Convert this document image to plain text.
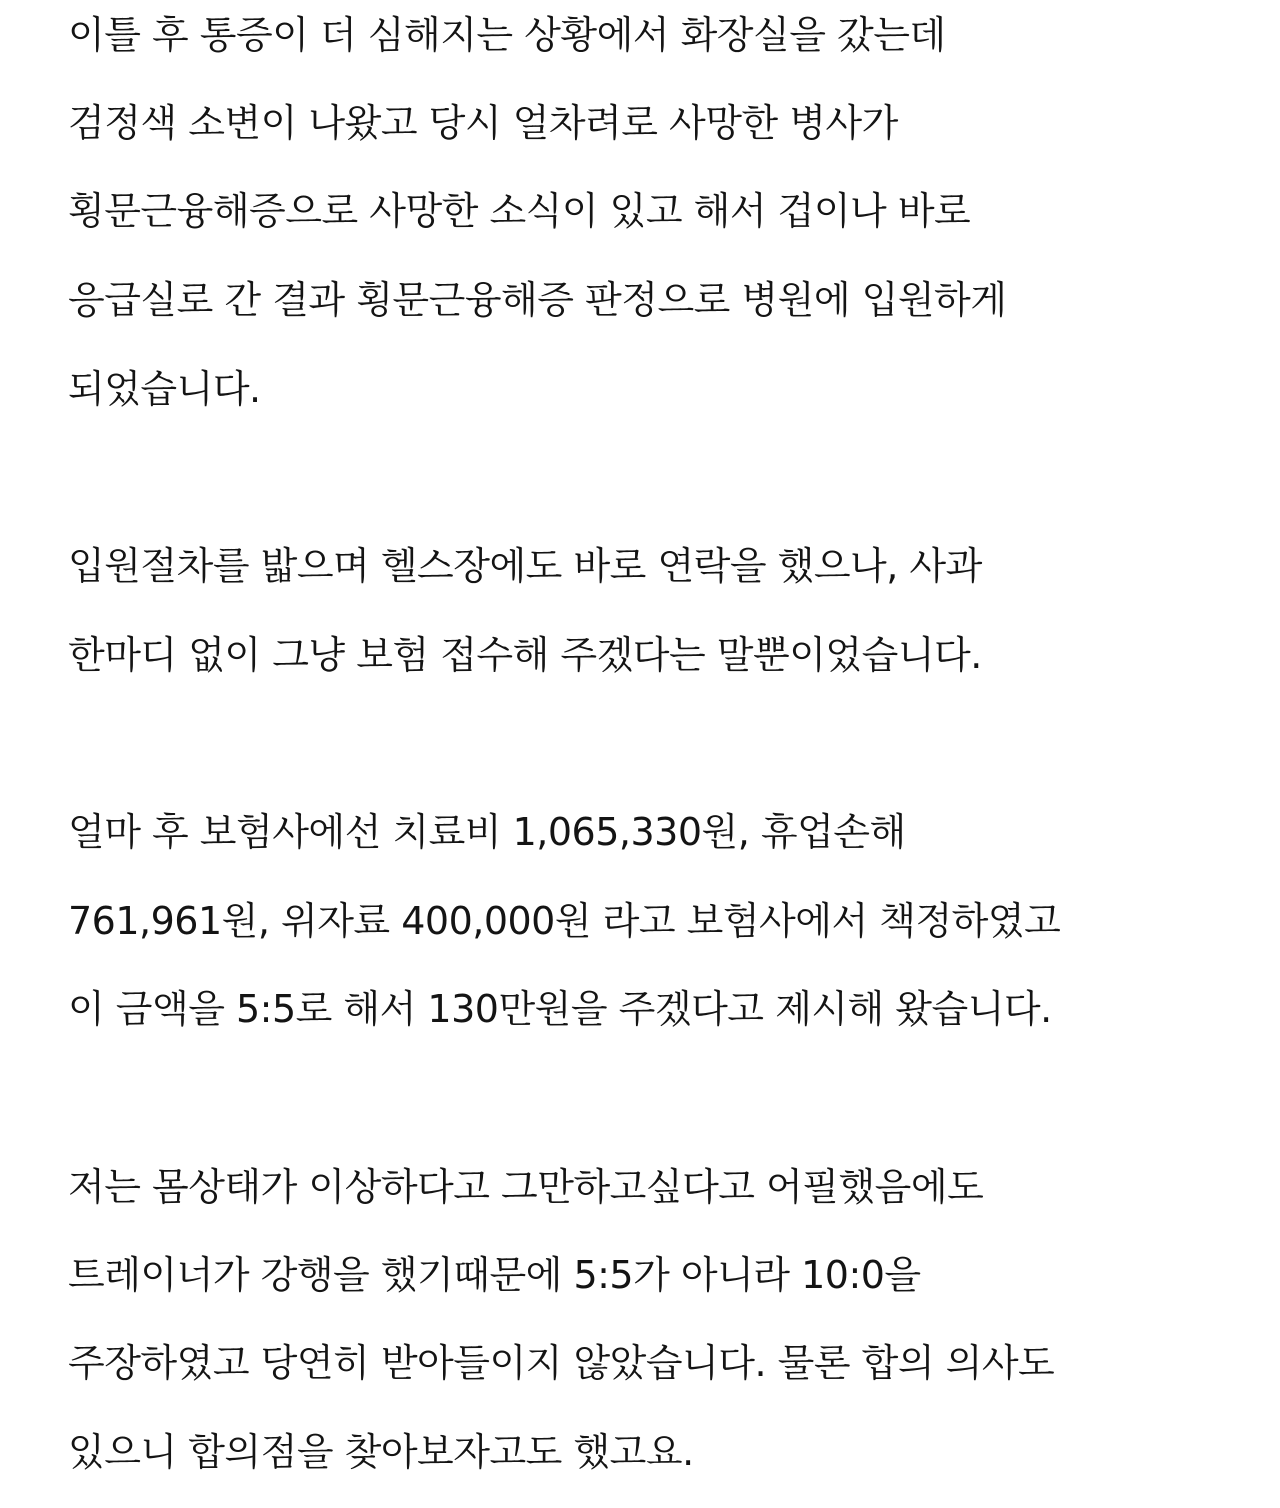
이틀 후 통증이 더 심해지는 상황에서 화장실을 갔는데
검정색 소변이 나왔고 당시 얼차려로 사망한 병사가
횡문근융해증으로 사망한 소식이 있고 해서 겁이나 바로
응급실로 간 결과 횡문근융해증 판정으로 병원에 입원하게
되었습니다.
입원절차를 밟으며 헬스장에도 바로 연락을 했으나, 사과
한마디 없이 그냥 보험 접수해 주겠다는 말뿐이었습니다.
얼마 후 보험사에선 치료비 1,065,330원, 휴업손해
761,961원, 위자료 400,000원 라고 보험사에서 책정하였고
이 금액을 5:5로 해서 130만원을 주겠다고 제시해 왔습니다.
저는 몸상태가 이상하다고 그만하고싶다고 어필했음에도
트레이너가 강행을 했기때문에 5:5가 아니라 10:0을
주장하였고 당연히 받아들이지 않았습니다. 물론 합의 의사도
있으니 합의점을 찾아보자고도 했고요.
